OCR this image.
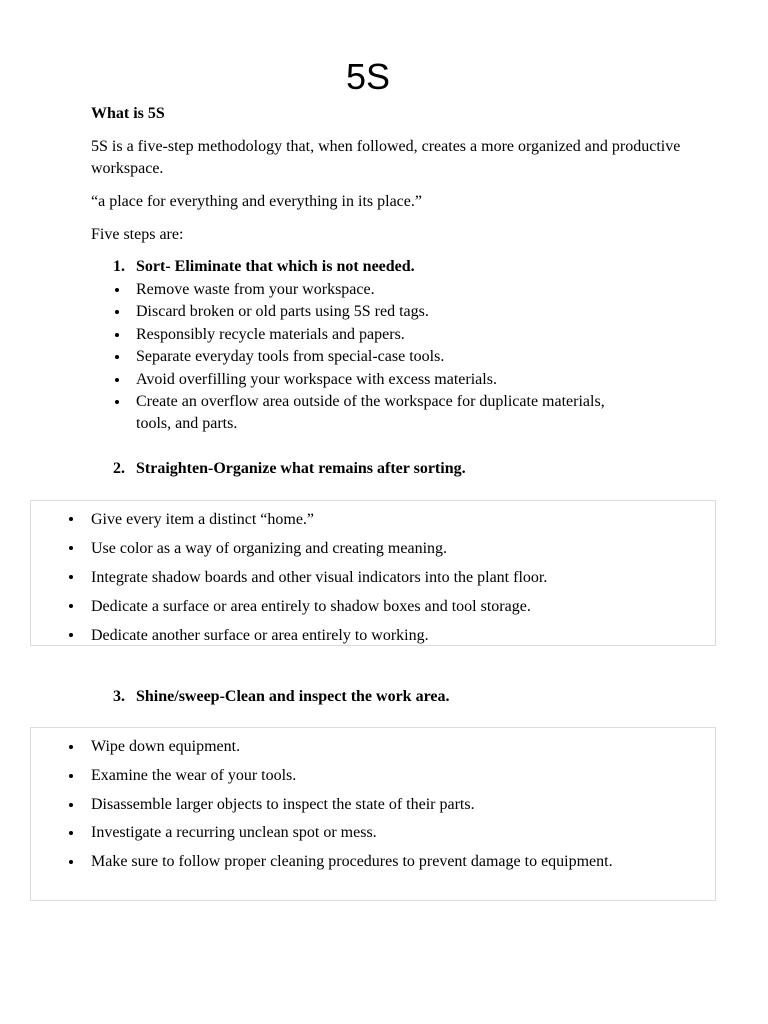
5S
What is 5S
5S is a five-step methodology that, when followed, creates a more organized and productive workspace.
“a place for everything and everything in its place.”
Five steps are:
1. Sort- Eliminate that which is not needed.
Remove waste from your workspace.
Discard broken or old parts using 5S red tags.
Responsibly recycle materials and papers.
Separate everyday tools from special-case tools.
Avoid overfilling your workspace with excess materials.
Create an overflow area outside of the workspace for duplicate materials, tools, and parts.
2. Straighten-Organize what remains after sorting.
Give every item a distinct “home.”
Use color as a way of organizing and creating meaning.
Integrate shadow boards and other visual indicators into the plant floor.
Dedicate a surface or area entirely to shadow boxes and tool storage.
Dedicate another surface or area entirely to working.
3. Shine/sweep-Clean and inspect the work area.
Wipe down equipment.
Examine the wear of your tools.
Disassemble larger objects to inspect the state of their parts.
Investigate a recurring unclean spot or mess.
Make sure to follow proper cleaning procedures to prevent damage to equipment.
